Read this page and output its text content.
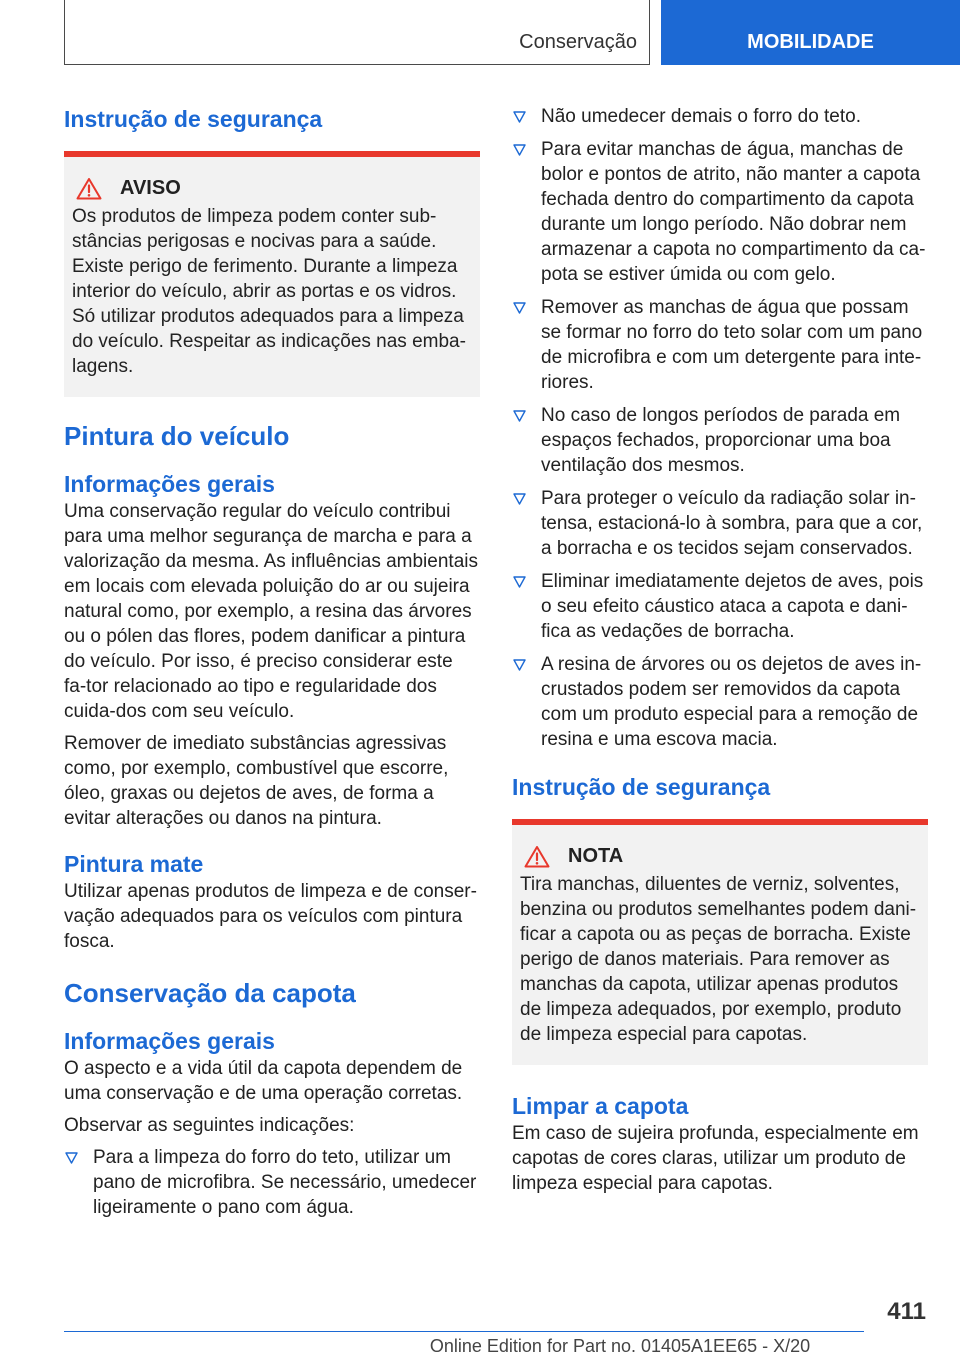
Conservação	MOBILIDADE
Instrução de segurança
AVISO

Os produtos de limpeza podem conter sub-stâncias perigosas e nocivas para a saúde. Existe perigo de ferimento. Durante a limpeza interior do veículo, abrir as portas e os vidros. Só utilizar produtos adequados para a limpeza do veículo. Respeitar as indicações nas emba-lagens.

Pintura do veículo
Informações gerais

Uma conservação regular do veículo contribui para uma melhor segurança de marcha e para a valorização da mesma. As influências ambientais em locais com elevada poluição do ar ou sujeira natural como, por exemplo, a resina das árvores ou o pólen das flores, podem danificar a pintura do veículo. Por isso, é preciso considerar este fa-tor relacionado ao tipo e regularidade dos cuida-dos com seu veículo.

Remover de imediato substâncias agressivas como, por exemplo, combustível que escorre, óleo, graxas ou dejetos de aves, de forma a evitar alterações ou danos na pintura.

Pintura mate

Utilizar apenas produtos de limpeza e de conser-vação adequados para os veículos com pintura fosca.

Conservação da capota
Informações gerais

O aspecto e a vida útil da capota dependem de uma conservação e de uma operação corretas.

Observar as seguintes indicações:

Para a limpeza do forro do teto, utilizar um pano de microfibra. Se necessário, umedecer ligeiramente o pano com água.
Não umedecer demais o forro do teto.
Para evitar manchas de água, manchas de bolor e pontos de atrito, não manter a capota fechada dentro do compartimento da capota durante um longo período. Não dobrar nem armazenar a capota no compartimento da ca-pota se estiver úmida ou com gelo.
Remover as manchas de água que possam se formar no forro do teto solar com um pano de microfibra e com um detergente para inte-riores.
No caso de longos períodos de parada em espaços fechados, proporcionar uma boa ventilação dos mesmos.
Para proteger o veículo da radiação solar in-tensa, estacioná-lo à sombra, para que a cor, a borracha e os tecidos sejam conservados.
Eliminar imediatamente dejetos de aves, pois o seu efeito cáustico ataca a capota e dani-fica as vedações de borracha.
A resina de árvores ou os dejetos de aves in-crustados podem ser removidos da capota com um produto especial para a remoção de resina e uma escova macia.
Instrução de segurança
NOTA

Tira manchas, diluentes de verniz, solventes, benzina ou produtos semelhantes podem dani-ficar a capota ou as peças de borracha. Existe perigo de danos materiais. Para remover as manchas da capota, utilizar apenas produtos de limpeza adequados, por exemplo, produto de limpeza especial para capotas.

Limpar a capota

Em caso de sujeira profunda, especialmente em capotas de cores claras, utilizar um produto de limpeza especial para capotas.

411
Online Edition for Part no. 01405A1EE65 - X/20
